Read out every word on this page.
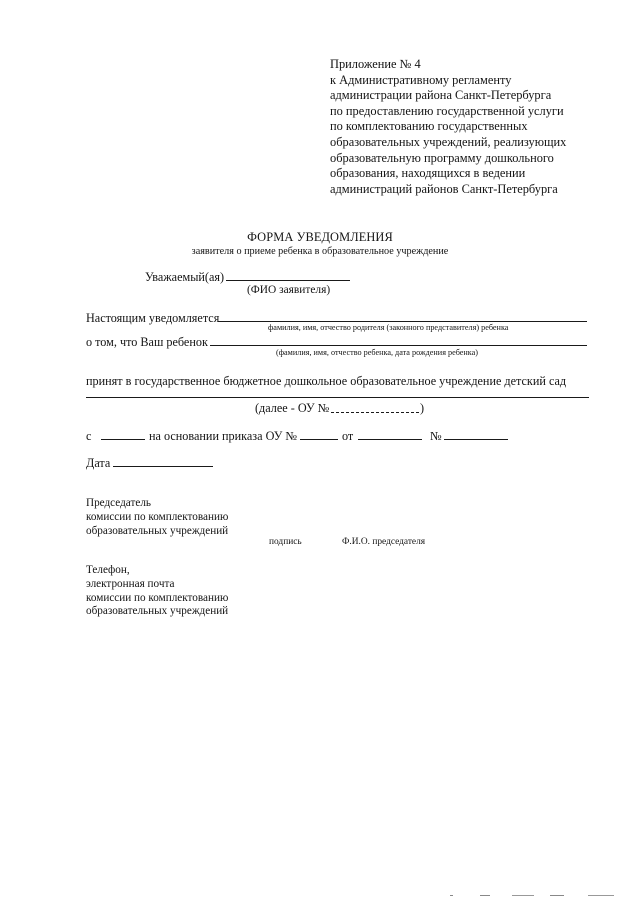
Приложение № 4
к Административному регламенту
администрации района Санкт-Петербурга
по предоставлению государственной услуги
по комплектованию государственных
образовательных учреждений, реализующих
образовательную программу дошкольного
образования, находящихся в ведении
администраций районов Санкт-Петербурга
ФОРМА УВЕДОМЛЕНИЯ
заявителя о приеме ребенка в образовательное учреждение
Уважаемый(ая)
(ФИО заявителя)
Настоящим уведомляется
фамилия, имя, отчество родителя (законного представителя) ребенка
о том, что Ваш ребенок
(фамилия, имя, отчество ребенка, дата рождения ребенка)
принят в государственное бюджетное дошкольное образовательное учреждение детский сад
(далее - ОУ №	)
с	на основании приказа ОУ №	от	№
Дата
Председатель
комиссии по комплектованию
образовательных учреждений
подпись	Ф.И.О. председателя
Телефон,
электронная почта
комиссии по комплектованию
образовательных учреждений
